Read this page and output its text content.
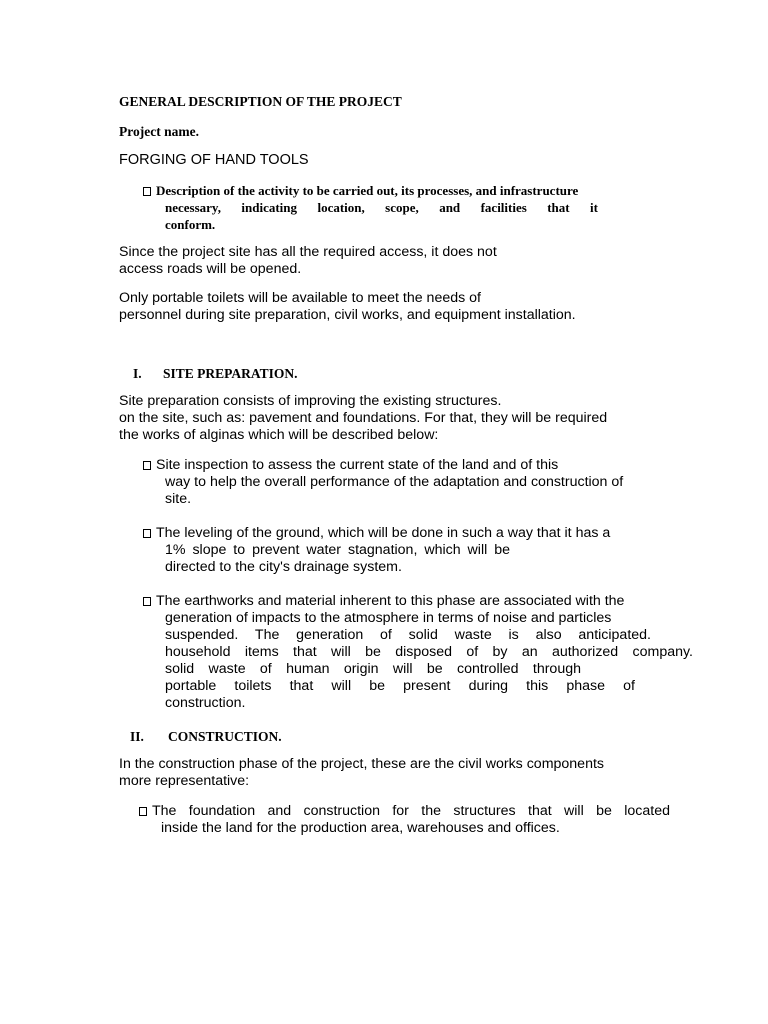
GENERAL DESCRIPTION OF THE PROJECT
Project name.
FORGING OF HAND TOOLS
Description of the activity to be carried out, its processes, and infrastructure
necessary, indicating location, scope, and facilities that it
conform.
Since the project site has all the required access, it does not
access roads will be opened.
Only portable toilets will be available to meet the needs of
personnel during site preparation, civil works, and equipment installation.
I. SITE PREPARATION.
Site preparation consists of improving the existing structures.
on the site, such as: pavement and foundations. For that, they will be required
the works of alginas which will be described below:
Site inspection to assess the current state of the land and of this
way to help the overall performance of the adaptation and construction of
site.
The leveling of the ground, which will be done in such a way that it has a
1% slope to prevent water stagnation, which will be
directed to the city's drainage system.
The earthworks and material inherent to this phase are associated with the
generation of impacts to the atmosphere in terms of noise and particles
suspended. The generation of solid waste is also anticipated.
household items that will be disposed of by an authorized company.
solid waste of human origin will be controlled through
portable toilets that will be present during this phase of
construction.
II. CONSTRUCTION.
In the construction phase of the project, these are the civil works components
more representative:
The foundation and construction for the structures that will be located
inside the land for the production area, warehouses and offices.
